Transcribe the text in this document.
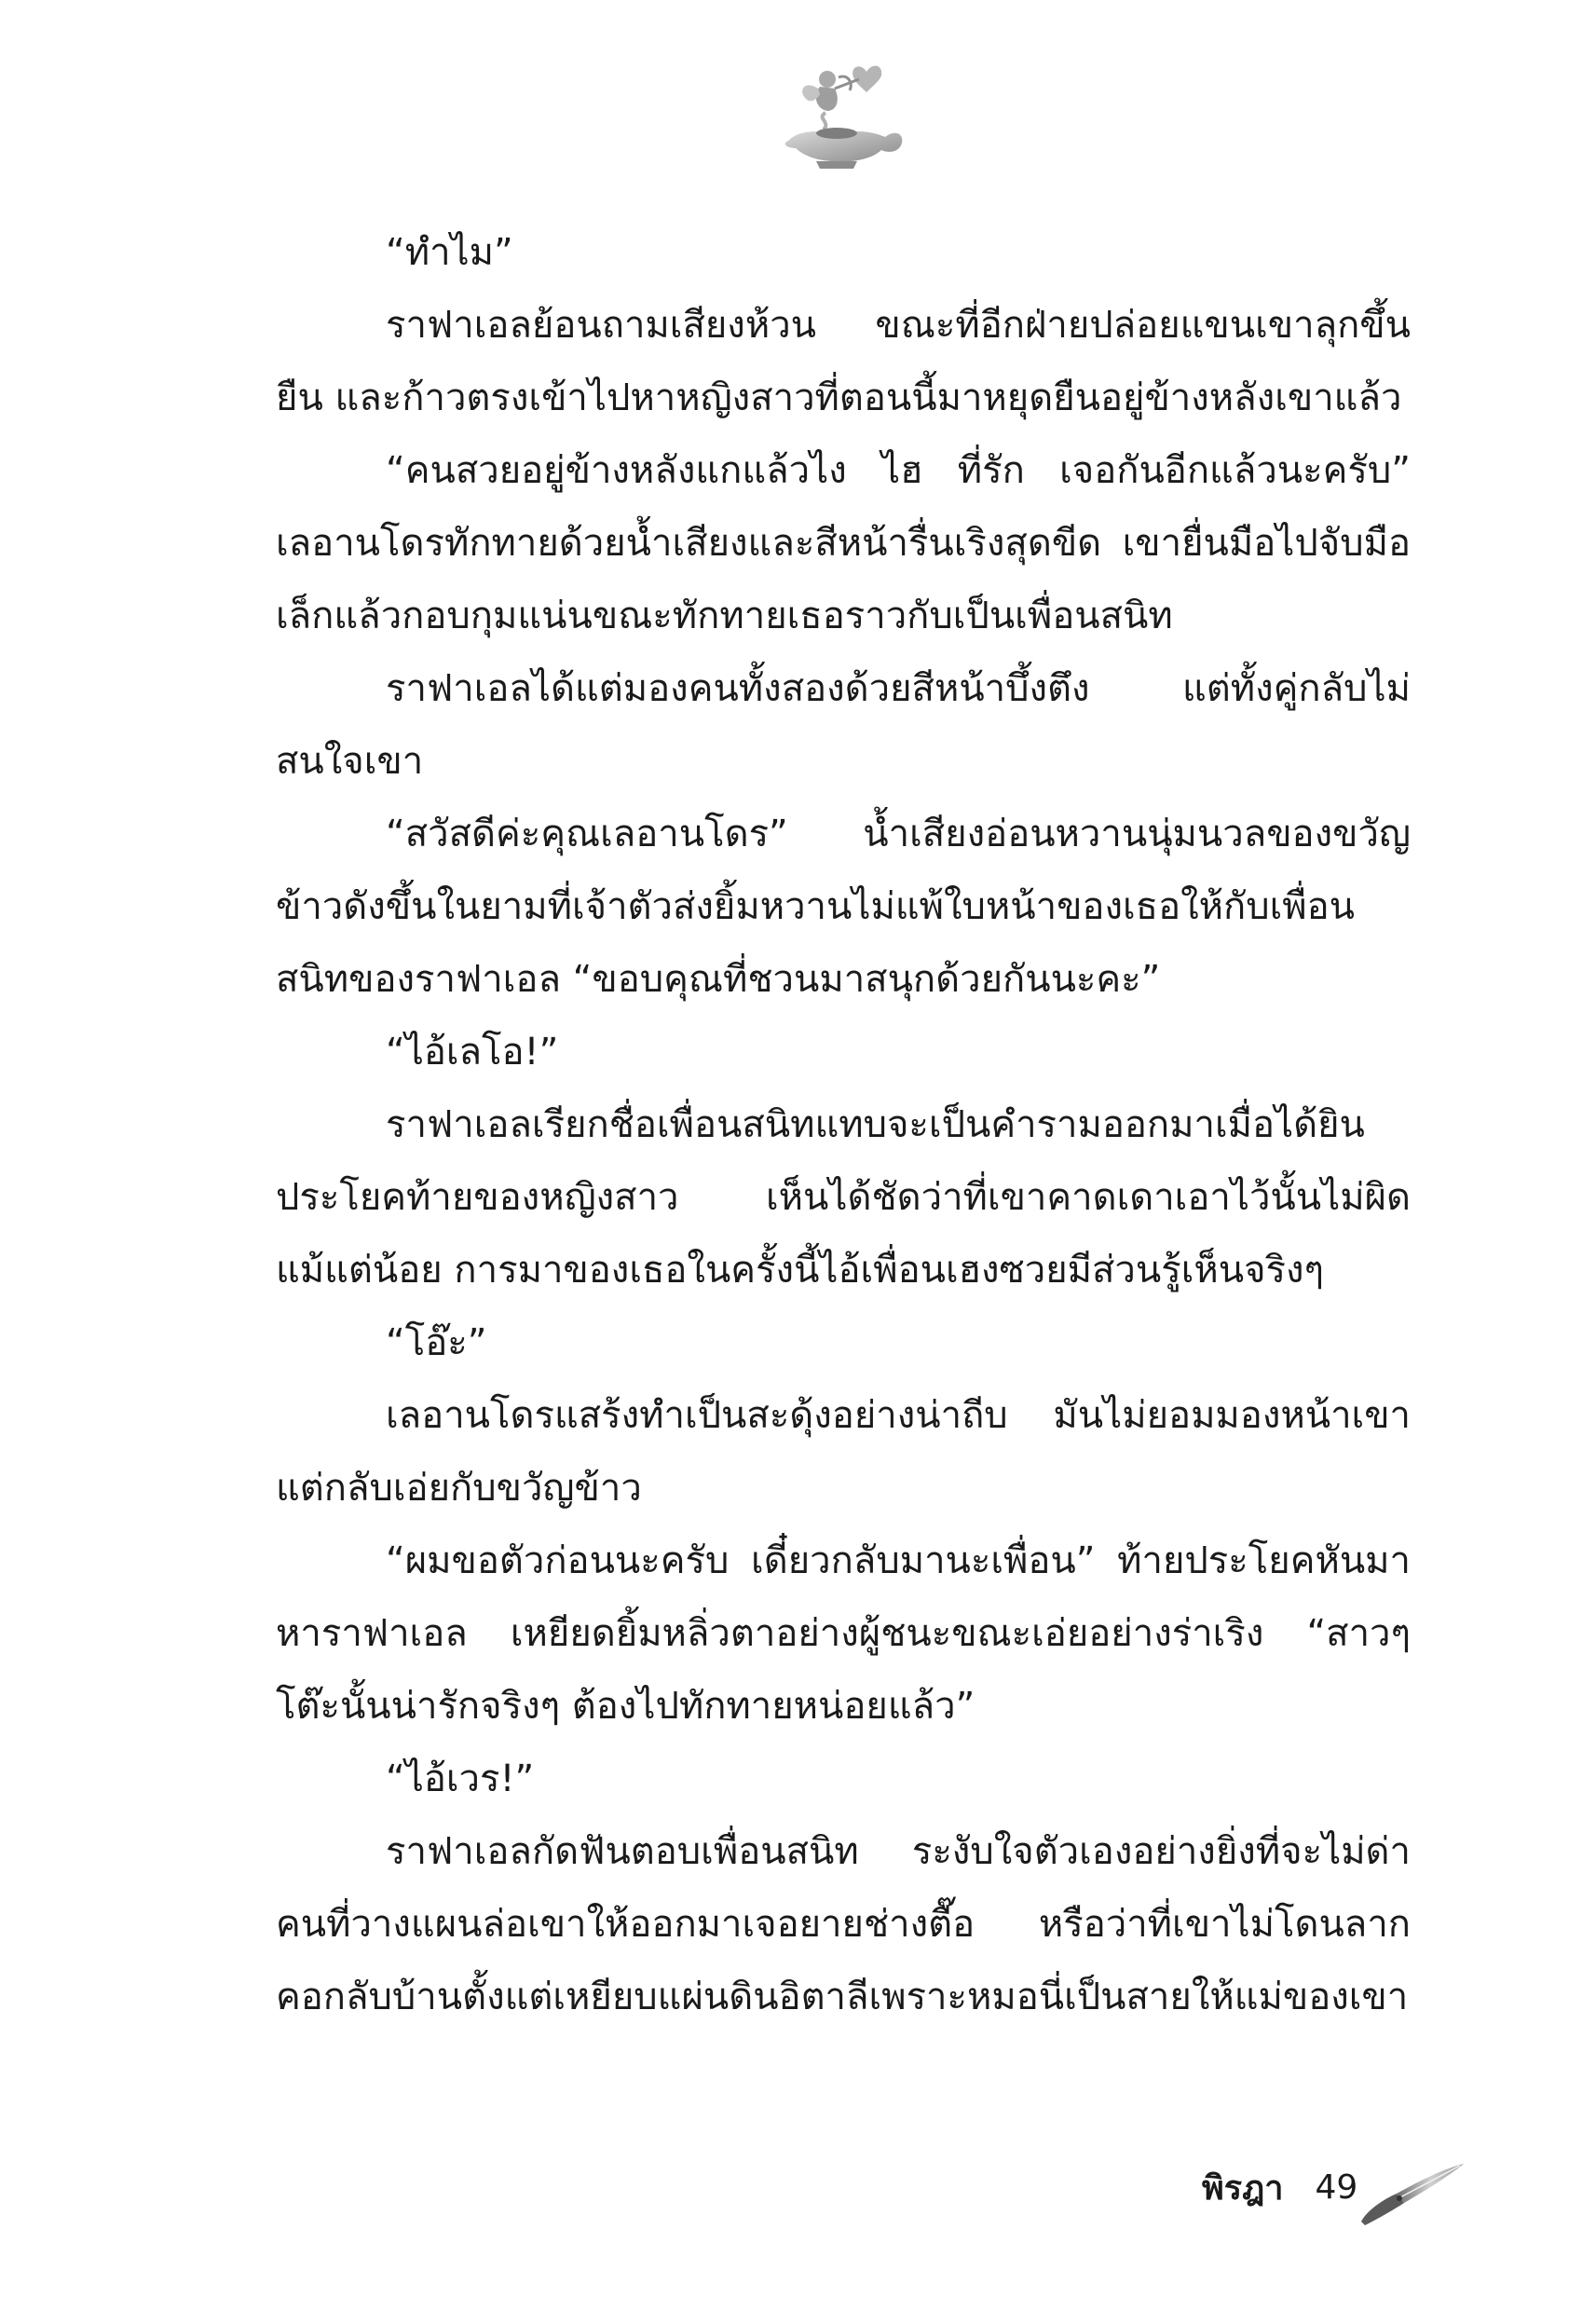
“ทำไม”

ราฟาเอลย้อนถามเสียงห้วน ขณะที่อีกฝ่ายปล่อยแขนเขาลุกขึ้นยืน และก้าวตรงเข้าไปหาหญิงสาวที่ตอนนี้มาหยุดยืนอยู่ข้างหลังเขาแล้ว

“คนสวยอยู่ข้างหลังแกแล้วไง ไฮ ที่รัก เจอกันอีกแล้วนะครับ” เลอานโดรทักทายด้วยน้ำเสียงและสีหน้ารื่นเริงสุดขีด เขายื่นมือไปจับมือเล็กแล้วกอบกุมแน่นขณะทักทายเธอราวกับเป็นเพื่อนสนิท

ราฟาเอลได้แต่มองคนทั้งสองด้วยสีหน้าบึ้งตึง แต่ทั้งคู่กลับไม่สนใจเขา

“สวัสดีค่ะคุณเลอานโดร” น้ำเสียงอ่อนหวานนุ่มนวลของขวัญข้าวดังขึ้นในยามที่เจ้าตัวส่งยิ้มหวานไม่แพ้ใบหน้าของเธอให้กับเพื่อนสนิทของราฟาเอล “ขอบคุณที่ชวนมาสนุกด้วยกันนะคะ”

“ไอ้เลโอ!”

ราฟาเอลเรียกชื่อเพื่อนสนิทแทบจะเป็นคำรามออกมาเมื่อได้ยินประโยคท้ายของหญิงสาว เห็นได้ชัดว่าที่เขาคาดเดาเอาไว้นั้นไม่ผิดแม้แต่น้อย การมาของเธอในครั้งนี้ไอ้เพื่อนเฮงซวยมีส่วนรู้เห็นจริงๆ

“โอ๊ะ”

เลอานโดรแสร้งทำเป็นสะดุ้งอย่างน่าถีบ มันไม่ยอมมองหน้าเขาแต่กลับเอ่ยกับขวัญข้าว

“ผมขอตัวก่อนนะครับ เดี๋ยวกลับมานะเพื่อน” ท้ายประโยคหันมาหาราฟาเอล เหยียดยิ้มหลิ่วตาอย่างผู้ชนะขณะเอ่ยอย่างร่าเริง “สาวๆ โต๊ะนั้นน่ารักจริงๆ ต้องไปทักทายหน่อยแล้ว”

“ไอ้เวร!”

ราฟาเอลกัดฟันตอบเพื่อนสนิท ระงับใจตัวเองอย่างยิ่งที่จะไม่ด่าคนที่วางแผนล่อเขาให้ออกมาเจอยายช่างตื๊อ หรือว่าที่เขาไม่โดนลากคอกลับบ้านตั้งแต่เหยียบแผ่นดินอิตาลีเพราะหมอนี่เป็นสายให้แม่ของเขา

พิรฎา 49
